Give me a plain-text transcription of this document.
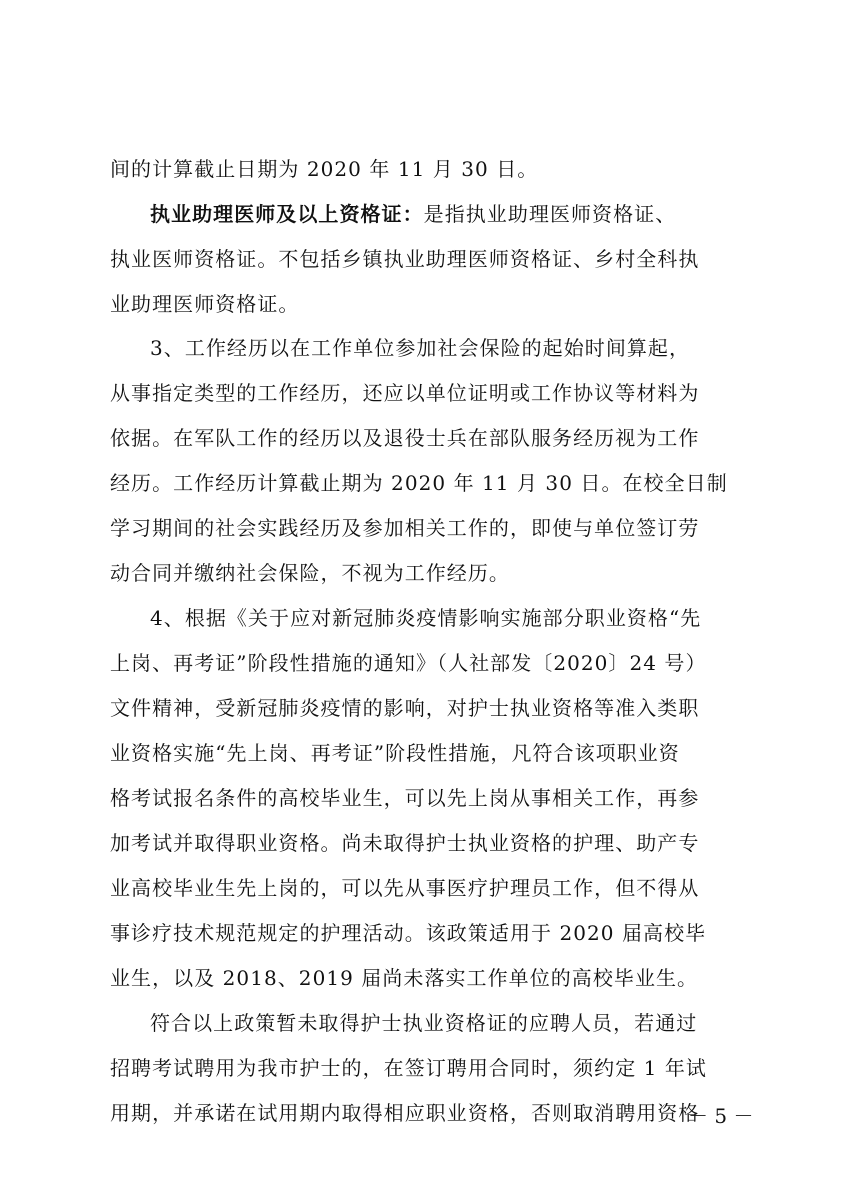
间的计算截止日期为 2020 年 11 月 30 日。
执业助理医师及以上资格证：是指执业助理医师资格证、
执业医师资格证。不包括乡镇执业助理医师资格证、乡村全科执
业助理医师资格证。
3、工作经历以在工作单位参加社会保险的起始时间算起，
从事指定类型的工作经历，还应以单位证明或工作协议等材料为
依据。在军队工作的经历以及退役士兵在部队服务经历视为工作
经历。工作经历计算截止期为 2020 年 11 月 30 日。在校全日制
学习期间的社会实践经历及参加相关工作的，即使与单位签订劳
动合同并缴纳社会保险，不视为工作经历。
4、根据《关于应对新冠肺炎疫情影响实施部分职业资格“先
上岗、再考证”阶段性措施的通知》（人社部发〔2020〕24 号）
文件精神，受新冠肺炎疫情的影响，对护士执业资格等准入类职
业资格实施“先上岗、再考证”阶段性措施，凡符合该项职业资
格考试报名条件的高校毕业生，可以先上岗从事相关工作，再参
加考试并取得职业资格。尚未取得护士执业资格的护理、助产专
业高校毕业生先上岗的，可以先从事医疗护理员工作，但不得从
事诊疗技术规范规定的护理活动。该政策适用于 2020 届高校毕
业生，以及 2018、2019 届尚未落实工作单位的高校毕业生。
符合以上政策暂未取得护士执业资格证的应聘人员，若通过
招聘考试聘用为我市护士的，在签订聘用合同时，须约定 1 年试
用期，并承诺在试用期内取得相应职业资格，否则取消聘用资格
－ 5 －
